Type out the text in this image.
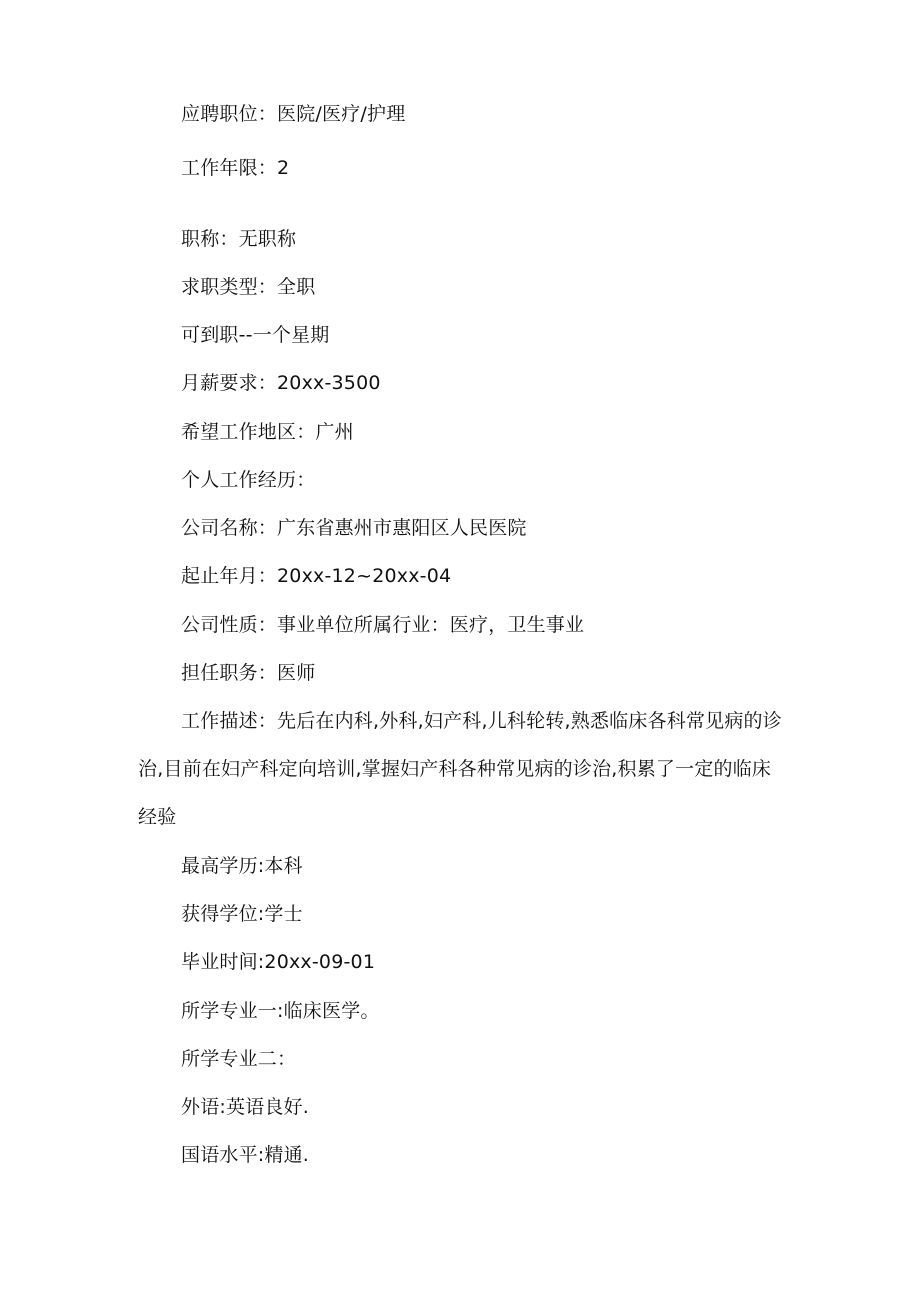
应聘职位：医院/医疗/护理
工作年限：2
职称：无职称
求职类型：全职
可到职--一个星期
月薪要求：20xx-3500
希望工作地区：广州
个人工作经历：
公司名称：广东省惠州市惠阳区人民医院
起止年月：20xx-12~20xx-04
公司性质：事业单位所属行业：医疗，卫生事业
担任职务：医师
工作描述：先后在内科,外科,妇产科,儿科轮转,熟悉临床各科常见病的诊治,目前在妇产科定向培训,掌握妇产科各种常见病的诊治,积累了一定的临床经验
最高学历:本科
获得学位:学士
毕业时间:20xx-09-01
所学专业一:临床医学。
所学专业二：
外语:英语良好.
国语水平:精通.
